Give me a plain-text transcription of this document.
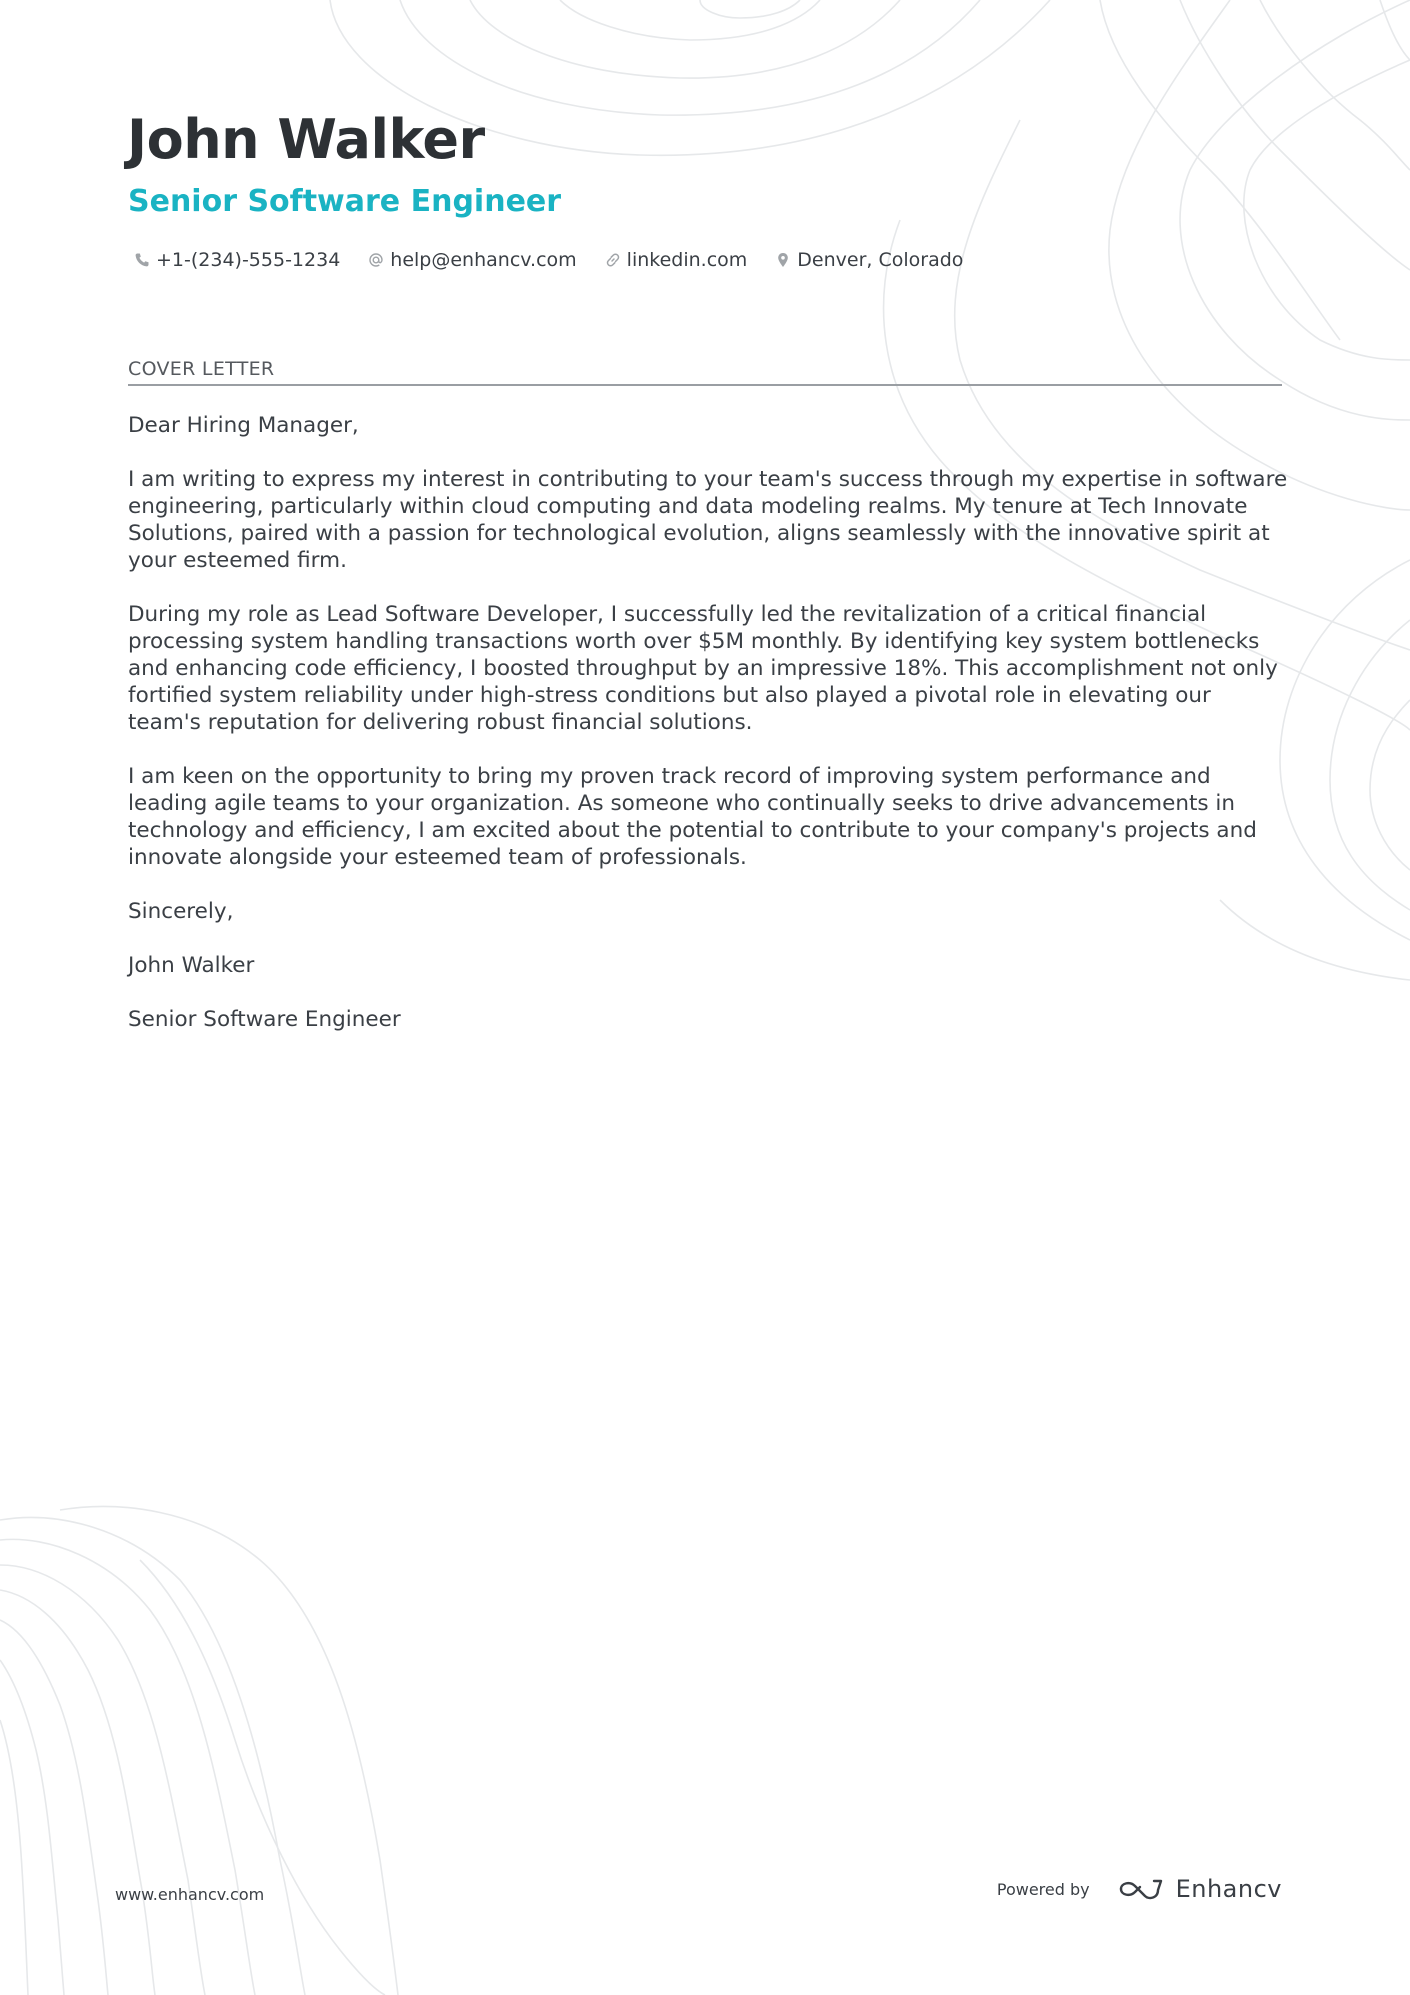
John Walker
Senior Software Engineer
+1-(234)-555-1234	help@enhancv.com	linkedin.com	Denver, Colorado
COVER LETTER

Dear Hiring Manager,

I am writing to express my interest in contributing to your team's success through my expertise in software engineering, particularly within cloud computing and data modeling realms. My tenure at Tech Innovate Solutions, paired with a passion for technological evolution, aligns seamlessly with the innovative spirit at your esteemed firm.

During my role as Lead Software Developer, I successfully led the revitalization of a critical financial processing system handling transactions worth over $5M monthly. By identifying key system bottlenecks and enhancing code efficiency, I boosted throughput by an impressive 18%. This accomplishment not only fortified system reliability under high-stress conditions but also played a pivotal role in elevating our team's reputation for delivering robust financial solutions.

I am keen on the opportunity to bring my proven track record of improving system performance and leading agile teams to your organization. As someone who continually seeks to drive advancements in technology and efficiency, I am excited about the potential to contribute to your company's projects and innovate alongside your esteemed team of professionals.

Sincerely,

John Walker

Senior Software Engineer

www.enhancv.com	Powered by	Enhancv
